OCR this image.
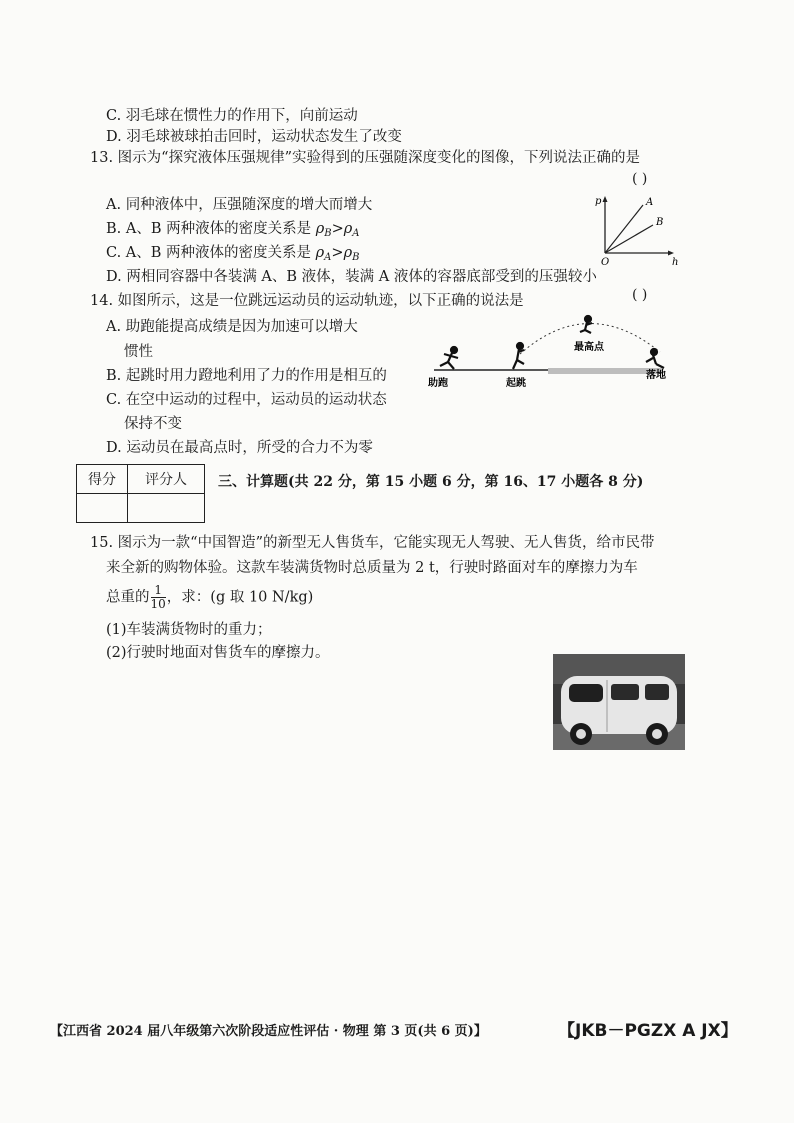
C. 羽毛球在惯性力的作用下，向前运动
D. 羽毛球被球拍击回时，运动状态发生了改变
13. 图示为“探究液体压强规律”实验得到的压强随深度变化的图像，下列说法正确的是
( )
A. 同种液体中，压强随深度的增大而增大
B. A、B 两种液体的密度关系是 $\rho_B>\rho_A$
C. A、B 两种液体的密度关系是 $\rho_A>\rho_B$
D. 两相同容器中各装满 A、B 液体，装满 A 液体的容器底部受到的压强较小
p	A
B
O	h
14. 如图所示，这是一位跳远运动员的运动轨迹，以下正确的说法是	( )
A. 助跑能提高成绩是因为加速可以增大
惯性
B. 起跳时用力蹬地利用了力的作用是相互的
C. 在空中运动的过程中，运动员的运动状态
保持不变
D. 运动员在最高点时，所受的合力不为零
助跑	起跳
最高点
落地
得分	评分人
	三、计算题(共 22 分，第 15 小题 6 分，第 16、17 小题各 8 分)
15. 图示为一款“中国智造”的新型无人售货车，它能实现无人驾驶、无人售货，给市民带
来全新的购物体验。这款车装满货物时总质量为 2 t，行驶时路面对车的摩擦力为车
总重的 $\frac{1}{10}$ ，求：(g 取 10 N/kg)
(1)车装满货物时的重力；
(2)行驶时地面对售货车的摩擦力。
【江西省 2024 届八年级第六次阶段适应性评估 · 物理 第 3 页(共 6 页)】	【JKB－PGZX A JX】
